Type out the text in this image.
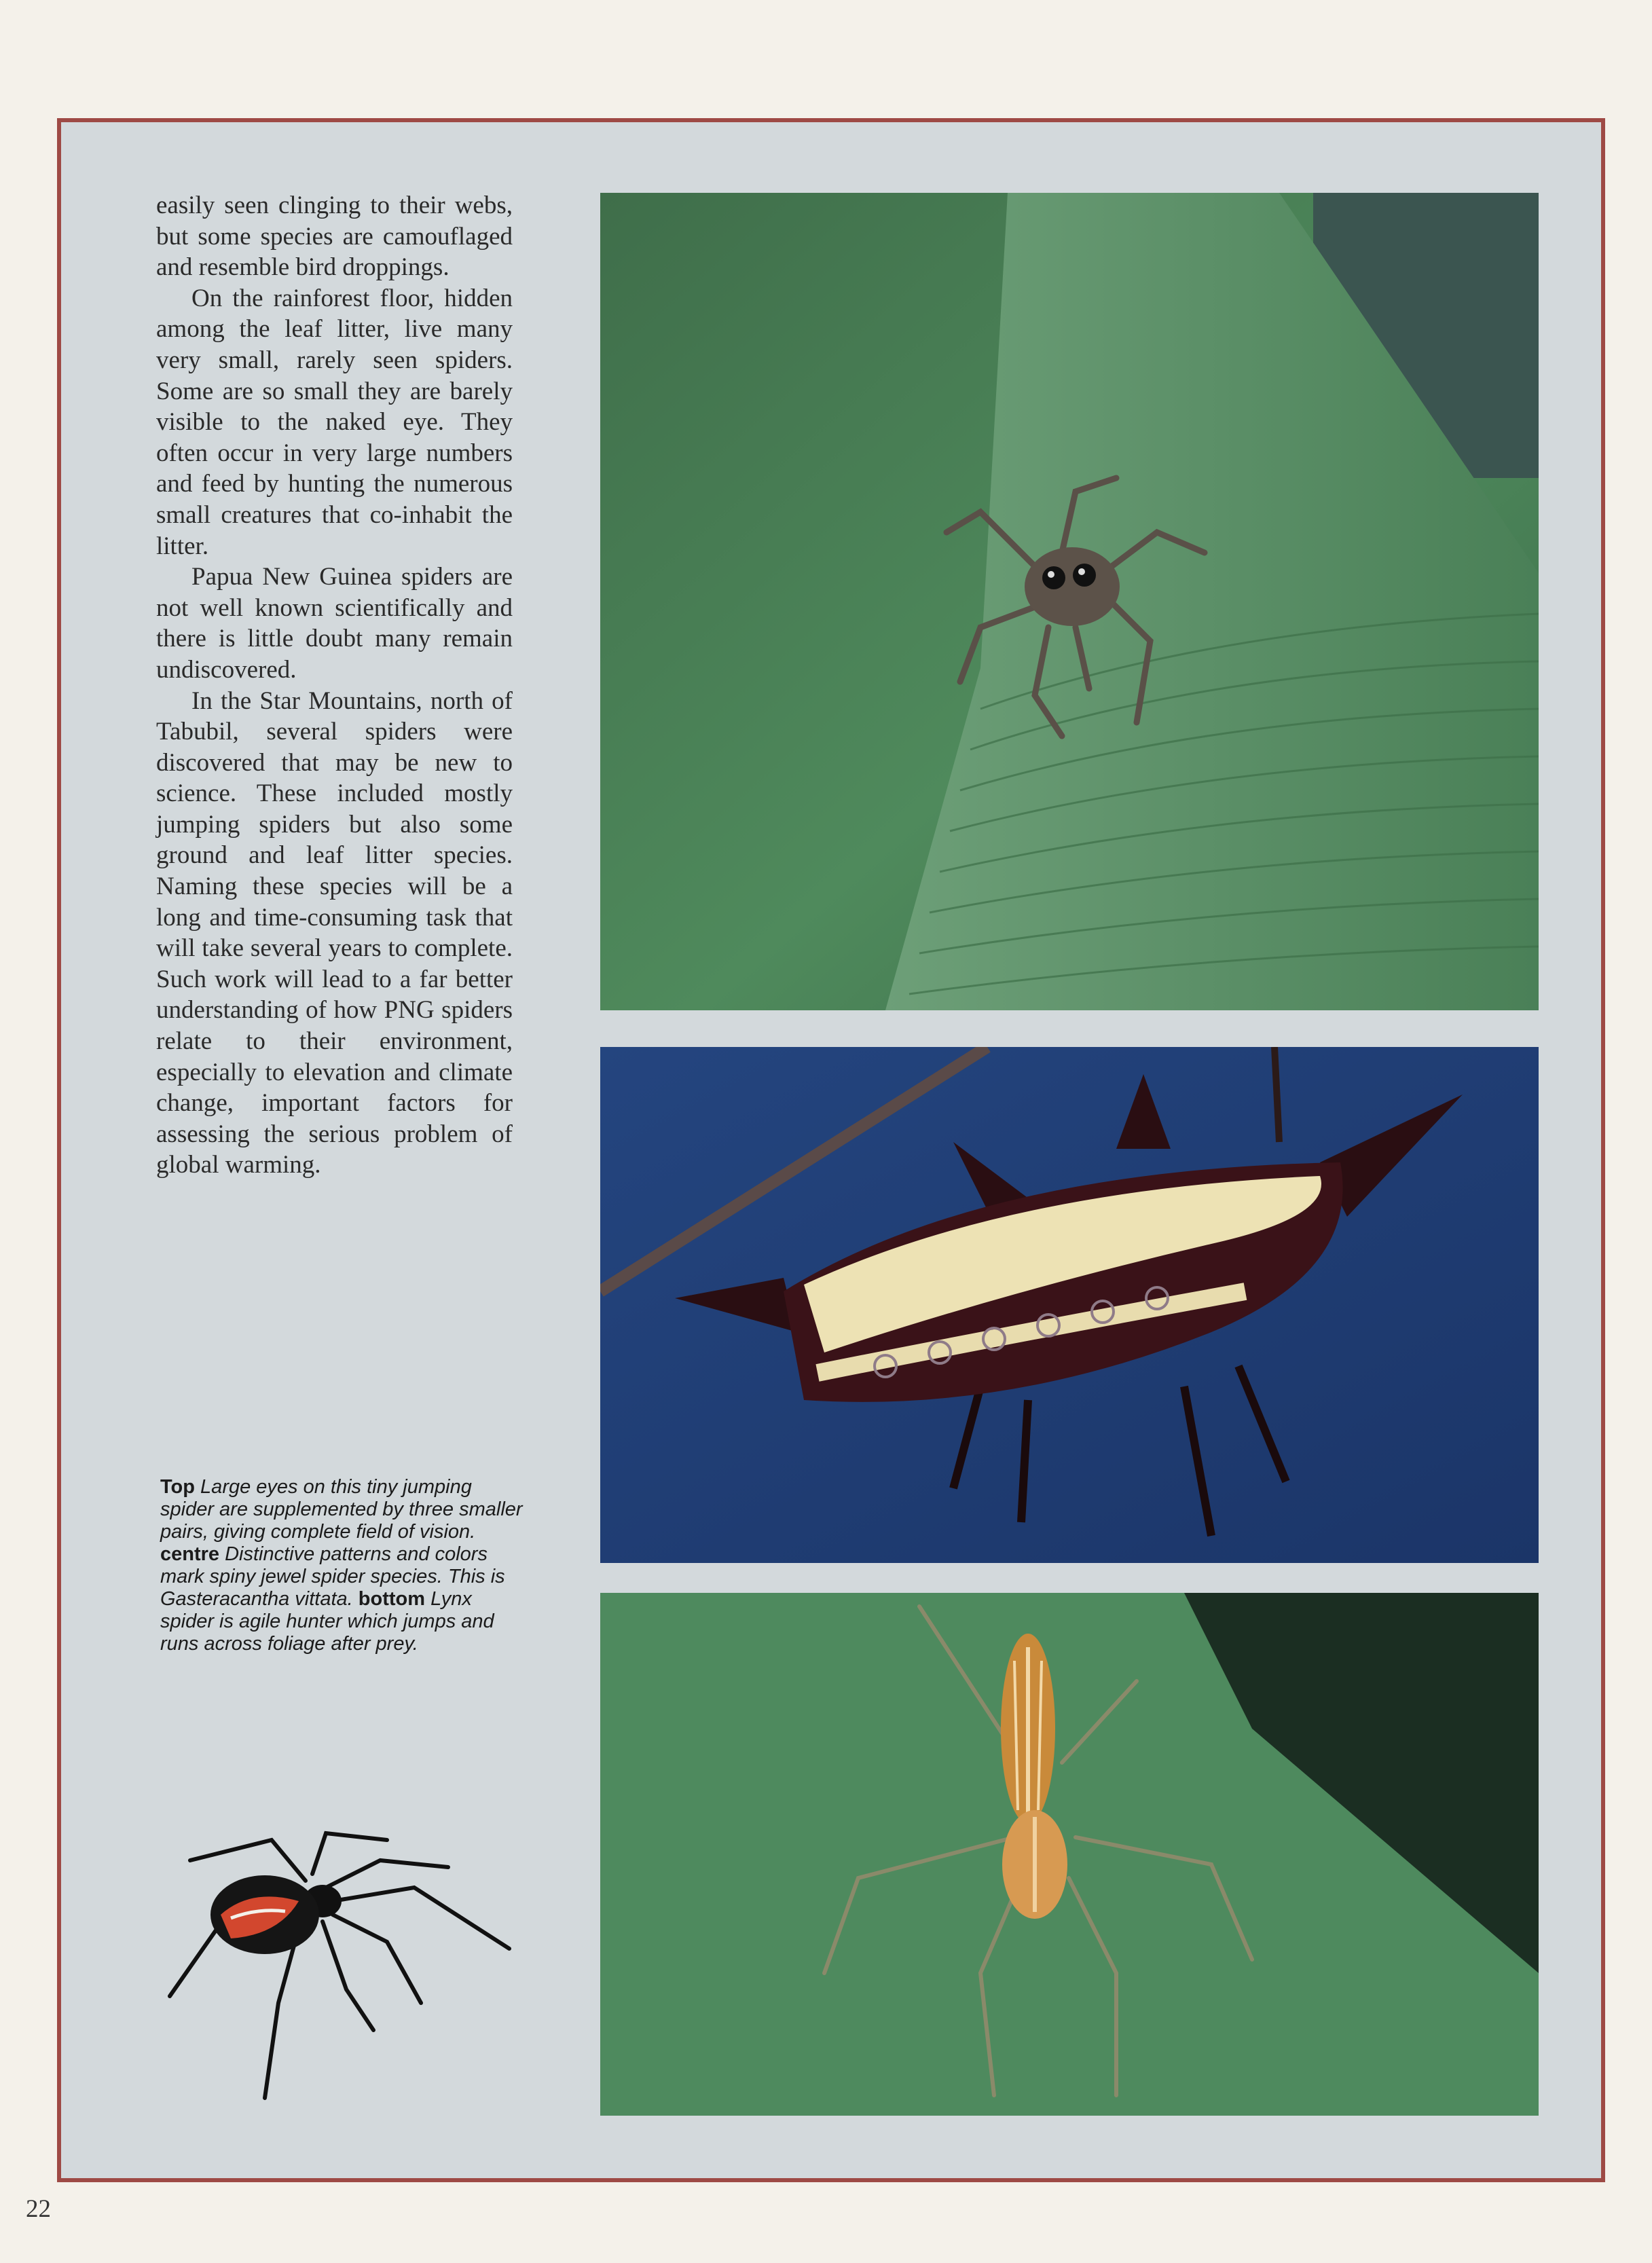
easily seen clinging to their webs, but some species are camouflaged and resemble bird droppings.

On the rainforest floor, hidden among the leaf litter, live many very small, rarely seen spiders. Some are so small they are barely visible to the naked eye. They often occur in very large numbers and feed by hunting the numerous small creatures that co-inhabit the litter.

Papua New Guinea spiders are not well known scientifically and there is little doubt many remain undiscovered.

In the Star Mountains, north of Tabubil, several spiders were discovered that may be new to science. These included mostly jumping spiders but also some ground and leaf litter species. Naming these species will be a long and time-consuming task that will take several years to complete. Such work will lead to a far better understanding of how PNG spiders relate to their environment, especially to elevation and climate change, important factors for assessing the serious problem of global warming.

Top Large eyes on this tiny jumping spider are supplemented by three smaller pairs, giving complete field of vision. centre Distinctive patterns and colors mark spiny jewel spider species. This is Gasteracantha vittata. bottom Lynx spider is agile hunter which jumps and runs across foliage after prey.
22
